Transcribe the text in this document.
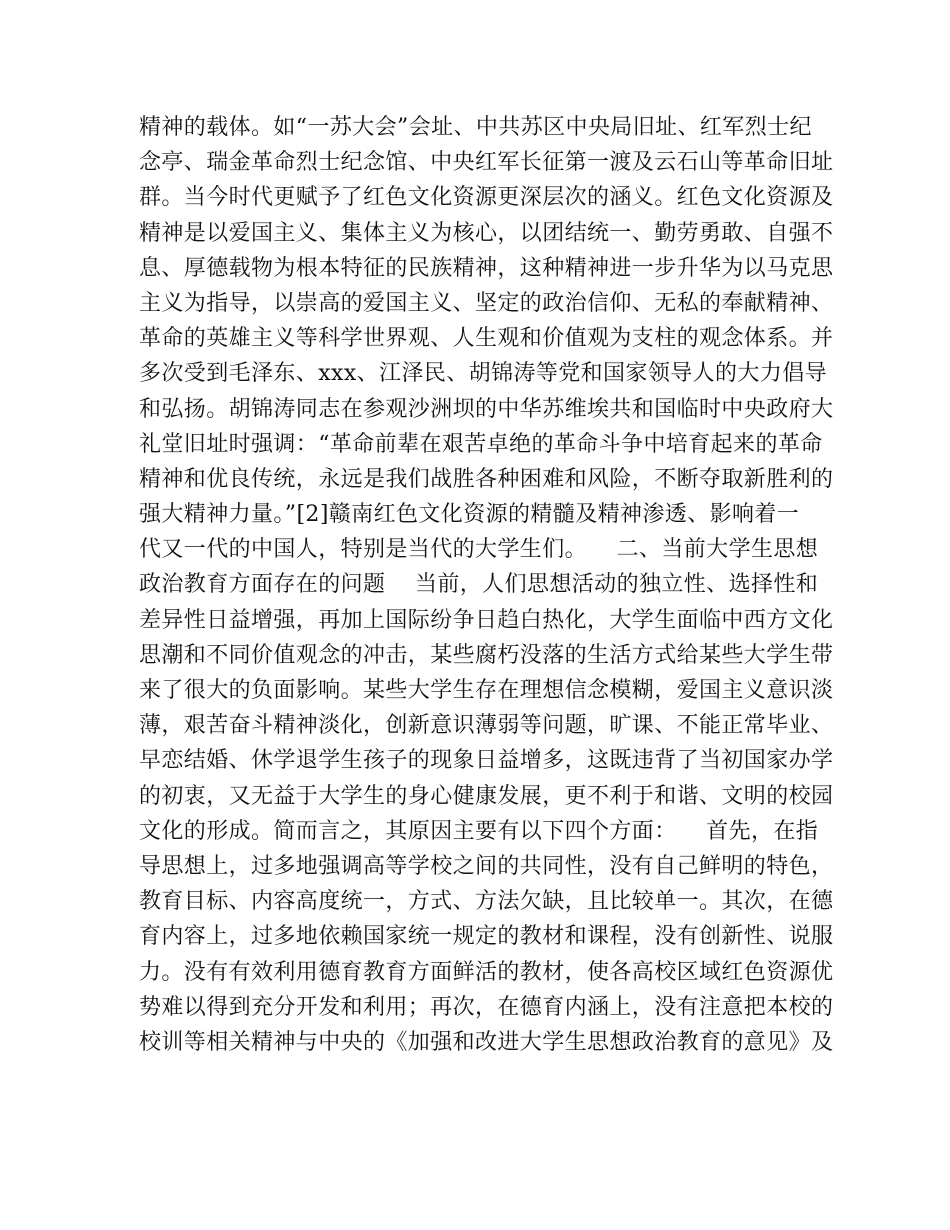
精神的载体。如“一苏大会”会址、中共苏区中央局旧址、红军烈士纪
念亭、瑞金革命烈士纪念馆、中央红军长征第一渡及云石山等革命旧址
群。当今时代更赋予了红色文化资源更深层次的涵义。红色文化资源及
精神是以爱国主义、集体主义为核心，以团结统一、勤劳勇敢、自强不
息、厚德载物为根本特征的民族精神，这种精神进一步升华为以马克思
主义为指导，以崇高的爱国主义、坚定的政治信仰、无私的奉献精神、
革命的英雄主义等科学世界观、人生观和价值观为支柱的观念体系。并
多次受到毛泽东、xxx、江泽民、胡锦涛等党和国家领导人的大力倡导
和弘扬。胡锦涛同志在参观沙洲坝的中华苏维埃共和国临时中央政府大
礼堂旧址时强调：“革命前辈在艰苦卓绝的革命斗争中培育起来的革命
精神和优良传统，永远是我们战胜各种困难和风险，不断夺取新胜利的
强大精神力量。”[2]赣南红色文化资源的精髓及精神渗透、影响着一
代又一代的中国人，特别是当代的大学生们。    二、当前大学生思想
政治教育方面存在的问题    当前，人们思想活动的独立性、选择性和
差异性日益增强，再加上国际纷争日趋白热化，大学生面临中西方文化
思潮和不同价值观念的冲击，某些腐朽没落的生活方式给某些大学生带
来了很大的负面影响。某些大学生存在理想信念模糊，爱国主义意识淡
薄，艰苦奋斗精神淡化，创新意识薄弱等问题，旷课、不能正常毕业、
早恋结婚、休学退学生孩子的现象日益增多，这既违背了当初国家办学
的初衷，又无益于大学生的身心健康发展，更不利于和谐、文明的校园
文化的形成。简而言之，其原因主要有以下四个方面：    首先，在指
导思想上，过多地强调高等学校之间的共同性，没有自己鲜明的特色，
教育目标、内容高度统一，方式、方法欠缺，且比较单一。其次，在德
育内容上，过多地依赖国家统一规定的教材和课程，没有创新性、说服
力。没有有效利用德育教育方面鲜活的教材，使各高校区域红色资源优
势难以得到充分开发和利用；再次，在德育内涵上，没有注意把本校的
校训等相关精神与中央的《加强和改进大学生思想政治教育的意见》及
